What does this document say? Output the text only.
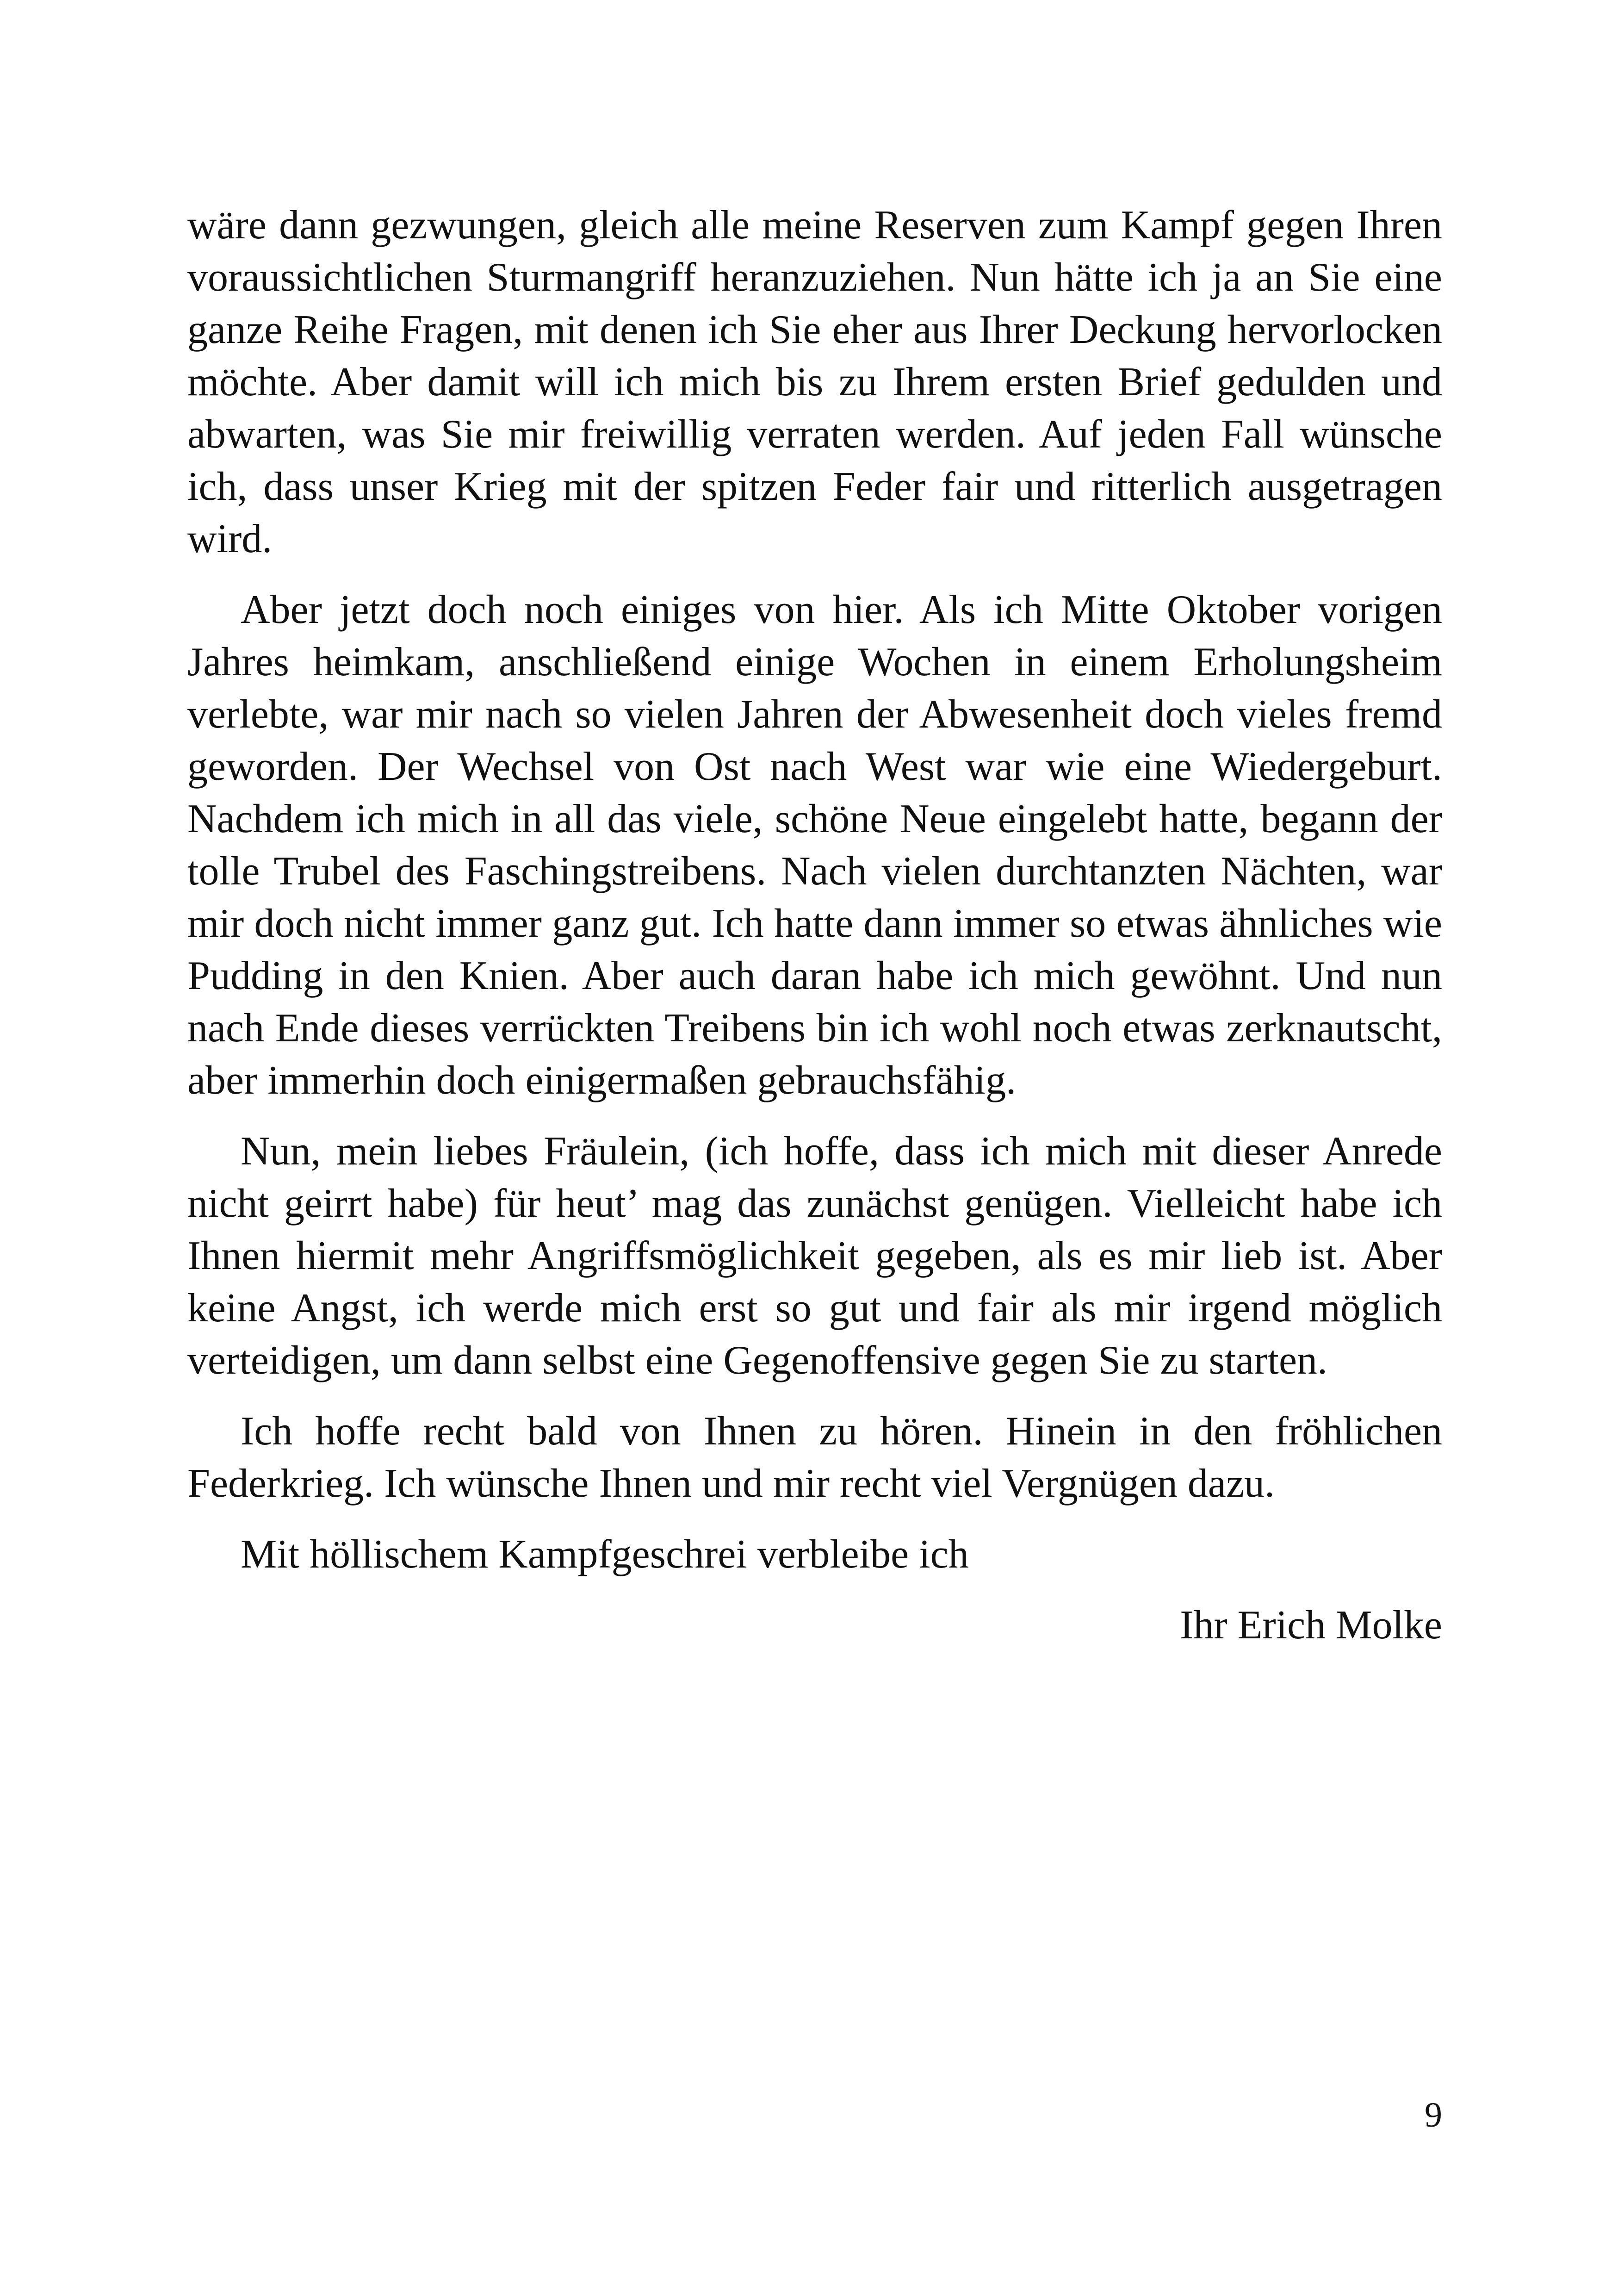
wäre dann gezwungen, gleich alle meine Reserven zum Kampf gegen Ihren voraussichtlichen Sturmangriff heranzuziehen. Nun hätte ich ja an Sie eine ganze Reihe Fragen, mit denen ich Sie eher aus Ihrer Deckung hervorlocken möchte. Aber damit will ich mich bis zu Ihrem ersten Brief gedulden und abwarten, was Sie mir freiwillig verraten werden. Auf jeden Fall wünsche ich, dass unser Krieg mit der spitzen Feder fair und ritterlich ausgetragen wird.

Aber jetzt doch noch einiges von hier. Als ich Mitte Oktober vorigen Jahres heimkam, anschließend einige Wochen in einem Erholungsheim verlebte, war mir nach so vielen Jahren der Abwesenheit doch vieles fremd geworden. Der Wechsel von Ost nach West war wie eine Wiedergeburt. Nachdem ich mich in all das viele, schöne Neue eingelebt hatte, begann der tolle Trubel des Faschingstreibens. Nach vielen durchtanzten Nächten, war mir doch nicht immer ganz gut. Ich hatte dann immer so etwas ähnliches wie Pudding in den Knien. Aber auch daran habe ich mich gewöhnt. Und nun nach Ende dieses verrückten Treibens bin ich wohl noch etwas zerknautscht, aber immerhin doch einigermaßen gebrauchsfähig.

Nun, mein liebes Fräulein, (ich hoffe, dass ich mich mit dieser Anrede nicht geirrt habe) für heut’ mag das zunächst genügen. Vielleicht habe ich Ihnen hiermit mehr Angriffsmöglichkeit gegeben, als es mir lieb ist. Aber keine Angst, ich werde mich erst so gut und fair als mir irgend möglich verteidigen, um dann selbst eine Gegenoffensive gegen Sie zu starten.

Ich hoffe recht bald von Ihnen zu hören. Hinein in den fröhlichen Federkrieg. Ich wünsche Ihnen und mir recht viel Vergnügen dazu.

Mit höllischem Kampfgeschrei verbleibe ich

Ihr Erich Molke
9
